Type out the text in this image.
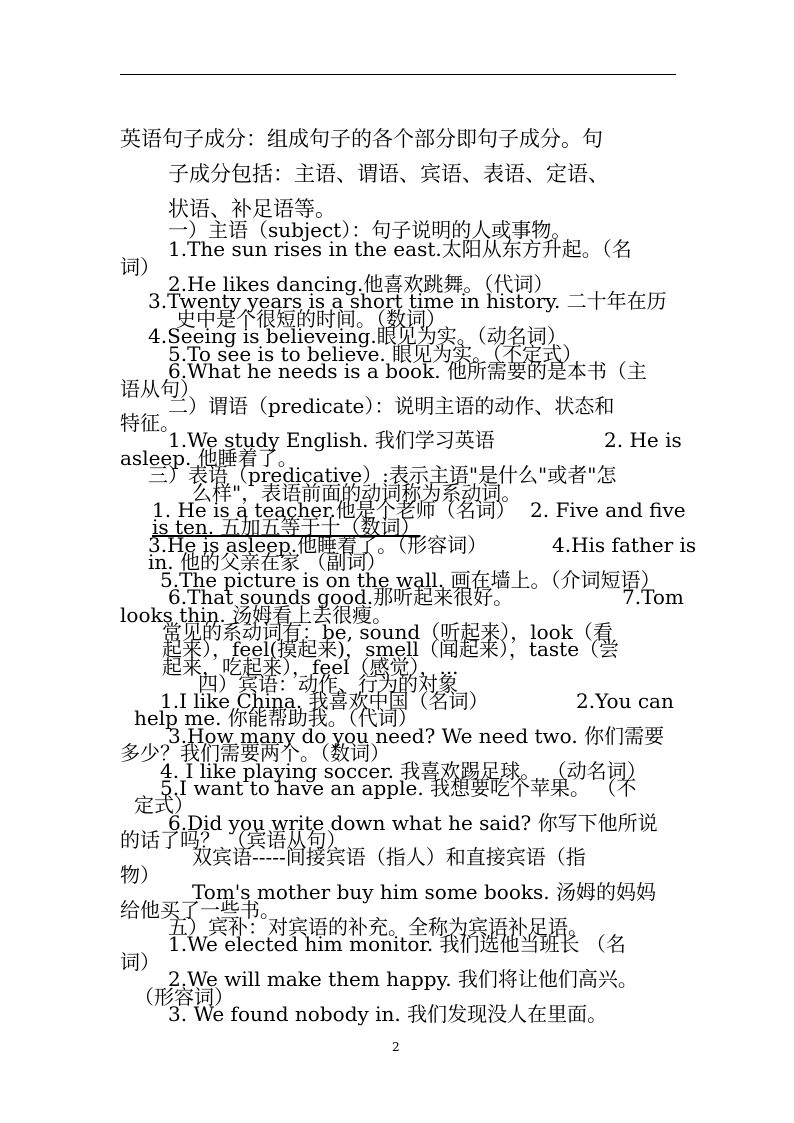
英语句子成分：组成句子的各个部分即句子成分。句
子成分包括：主语、谓语、宾语、表语、定语、
状语、补足语等。
一）主语（subject）：句子说明的人或事物。
1.The sun rises in the east.太阳从东方升起。（名
词）
2.He likes dancing.他喜欢跳舞。（代词）
3.Twenty years is a short time in history. 二十年在历
史中是个很短的时间。（数词）
4.Seeing is believeing.眼见为实。（动名词）
5.To see is to believe. 眼见为实。（不定式）
6.What he needs is a book. 他所需要的是本书（主
语从句）
二）谓语（predicate）：说明主语的动作、状态和
特征。
1.We study English. 我们学习英语	2. He is
asleep. 他睡着了。
三）表语（predicative）:表示主语"是什么"或者"怎
么样"，表语前面的动词称为系动词。
1. He is a teacher.他是个老师（名词） 2. Five and five
is ten. 五加五等于十（数词）
3.He is asleep.他睡着了。（形容词）	4.His father is
in. 他的父亲在家 （副词）
5.The picture is on the wall. 画在墙上。（介词短语）
6.That sounds good.那听起来很好。	7.Tom
looks thin. 汤姆看上去很瘦。
常见的系动词有：be, sound（听起来），look（看
起来），feel(摸起来)，smell（闻起来），taste（尝
起来，吃起来），feel（感觉），...
四）宾语：动作、行为的对象
1.I like China. 我喜欢中国（名词）	2.You can
help me. 你能帮助我。（代词）
3.How many do you need? We need two. 你们需要
多少？我们需要两个。（数词）
4. I like playing soccer. 我喜欢踢足球。 （动名词）
5.I want to have an apple. 我想要吃个苹果。 （不
定式）
6.Did you write down what he said? 你写下他所说
的话了吗？ （宾语从句）
双宾语-----间接宾语（指人）和直接宾语（指
物）
Tom's mother buy him some books. 汤姆的妈妈
给他买了一些书。
五）宾补：对宾语的补充。全称为宾语补足语。
1.We elected him monitor. 我们选他当班长 （名
词）
2.We will make them happy. 我们将让他们高兴。
（形容词）
3. We found nobody in. 我们发现没人在里面。
2
